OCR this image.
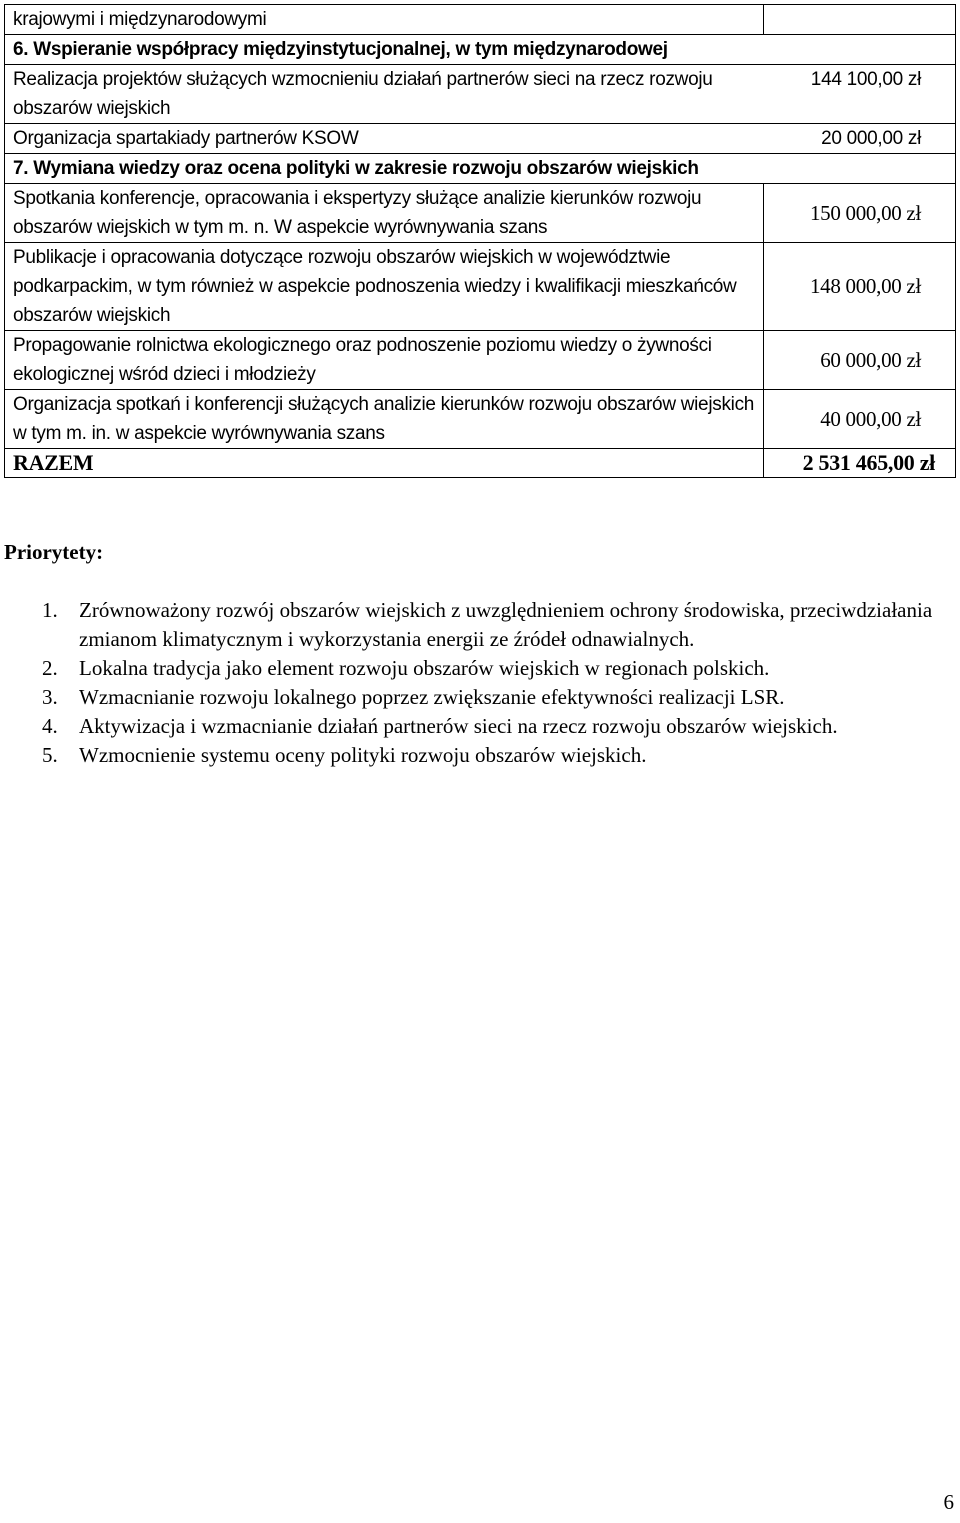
krajowymi i międzynarodowymi	
6. Wspieranie współpracy międzyinstytucjonalnej, w tym międzynarodowej	
Realizacja projektów służących wzmocnieniu działań partnerów sieci na rzecz rozwoju obszarów wiejskich	144 100,00 zł
Organizacja spartakiady partnerów KSOW	20 000,00 zł
7. Wymiana wiedzy oraz ocena polityki w zakresie rozwoju obszarów wiejskich	
Spotkania konferencje, opracowania i ekspertyzy służące analizie kierunków rozwoju obszarów wiejskich w tym m. n. W aspekcie wyrównywania szans	150 000,00 zł
Publikacje i opracowania dotyczące rozwoju obszarów wiejskich w województwie podkarpackim, w tym również w aspekcie podnoszenia wiedzy i kwalifikacji mieszkańców obszarów wiejskich	148 000,00 zł
Propagowanie rolnictwa ekologicznego oraz podnoszenie poziomu wiedzy o żywności ekologicznej wśród dzieci i młodzieży	60 000,00 zł
Organizacja spotkań i konferencji służących analizie kierunków rozwoju obszarów wiejskich w tym m. in. w aspekcie wyrównywania szans	40 000,00 zł
RAZEM	2 531 465,00 zł
Priorytety:
1. Zrównoważony rozwój obszarów wiejskich z uwzględnieniem ochrony środowiska, przeciwdziałania zmianom klimatycznym i wykorzystania energii ze źródeł odnawialnych.
2. Lokalna tradycja jako element rozwoju obszarów wiejskich w regionach polskich.
3. Wzmacnianie rozwoju lokalnego poprzez zwiększanie efektywności realizacji LSR.
4. Aktywizacja i wzmacnianie działań partnerów sieci na rzecz rozwoju obszarów wiejskich.
5. Wzmocnienie systemu oceny polityki rozwoju obszarów wiejskich.
6
